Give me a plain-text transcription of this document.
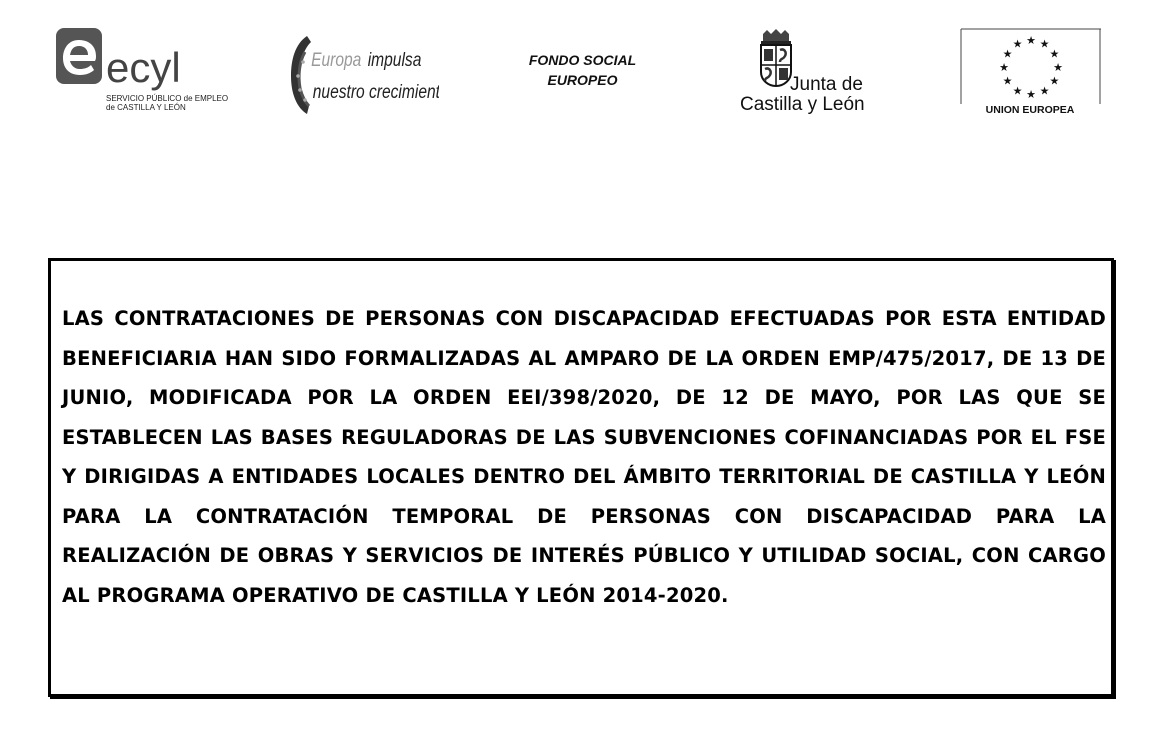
ecyl
SERVICIO PÚBLICO de EMPLEO
de CASTILLA Y LEÓN
Europa impulsa
nuestro crecimiento
FONDO SOCIAL
EUROPEO	Junta de
Castilla y León
★ ★
★
★
★
★
★
★
★
★
★
★
UNION EUROPEA

LAS CONTRATACIONES DE PERSONAS CON DISCAPACIDAD EFECTUADAS POR ESTA ENTIDAD BENEFICIARIA HAN SIDO FORMALIZADAS AL AMPARO DE LA ORDEN EMP/475/2017, DE 13 DE JUNIO, MODIFICADA POR LA ORDEN EEI/398/2020, DE 12 DE MAYO, POR LAS QUE SE ESTABLECEN LAS BASES REGULADORAS DE LAS SUBVENCIONES COFINANCIADAS POR EL FSE Y DIRIGIDAS A ENTIDADES LOCALES DENTRO DEL ÁMBITO TERRITORIAL DE CASTILLA Y LEÓN PARA LA CONTRATACIÓN TEMPORAL DE PERSONAS CON DISCAPACIDAD PARA LA REALIZACIÓN DE OBRAS Y SERVICIOS DE INTERÉS PÚBLICO Y UTILIDAD SOCIAL, CON CARGO AL PROGRAMA OPERATIVO DE CASTILLA Y LEÓN 2014-2020.
